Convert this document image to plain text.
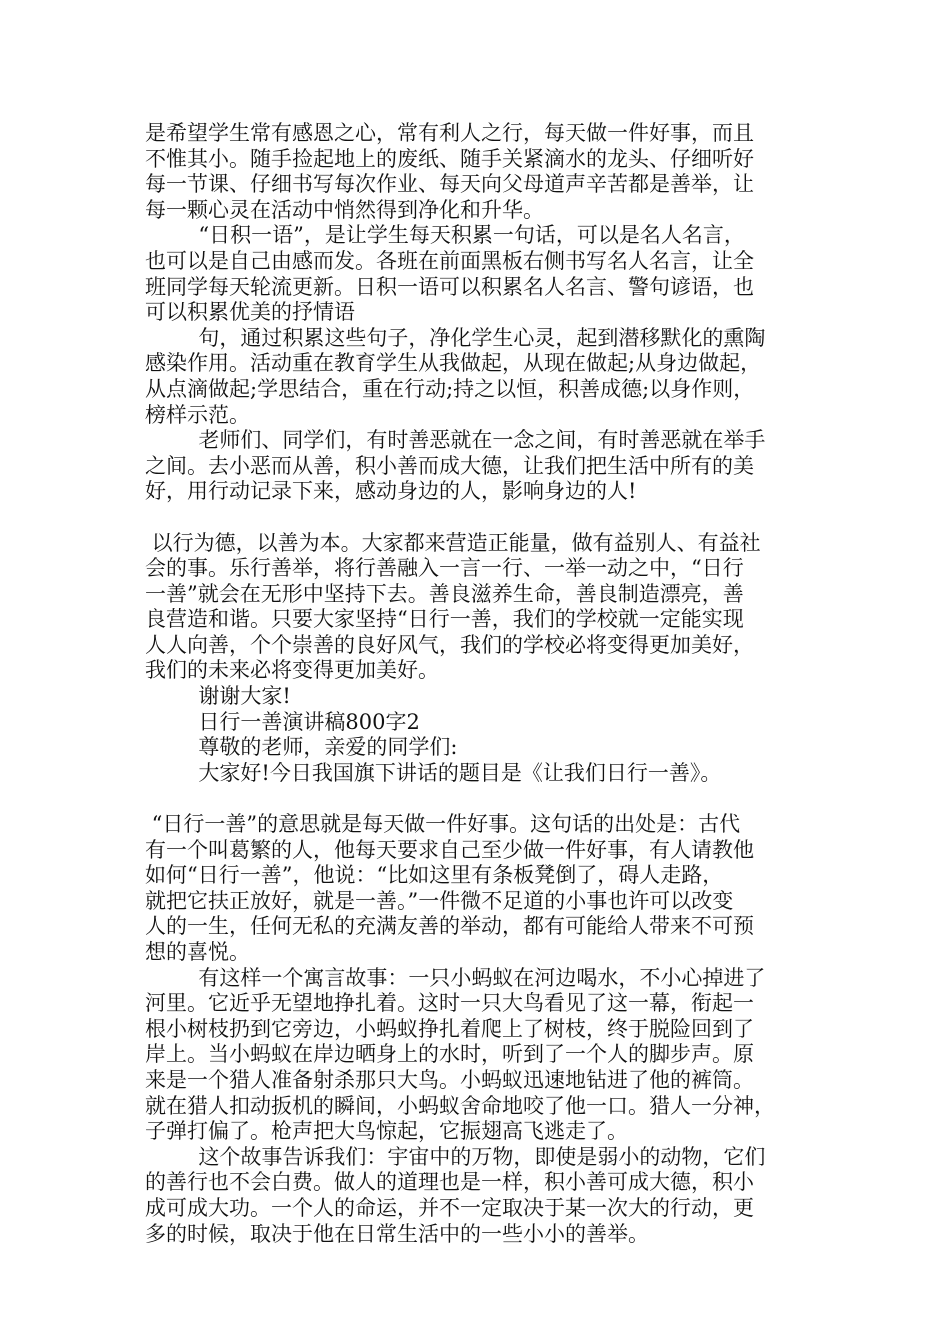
是希望学生常有感恩之心，常有利人之行，每天做一件好事，而且
不惟其小。随手捡起地上的废纸、随手关紧滴水的龙头、仔细听好
每一节课、仔细书写每次作业、每天向父母道声辛苦都是善举，让
每一颗心灵在活动中悄然得到净化和升华。
“日积一语”，是让学生每天积累一句话，可以是名人名言，
也可以是自己由感而发。各班在前面黑板右侧书写名人名言，让全
班同学每天轮流更新。日积一语可以积累名人名言、警句谚语，也
可以积累优美的抒情语
句，通过积累这些句子，净化学生心灵，起到潜移默化的熏陶
感染作用。活动重在教育学生从我做起，从现在做起;从身边做起，
从点滴做起;学思结合，重在行动;持之以恒，积善成德;以身作则，
榜样示范。
老师们、同学们，有时善恶就在一念之间，有时善恶就在举手
之间。去小恶而从善，积小善而成大德，让我们把生活中所有的美
好，用行动记录下来，感动身边的人，影响身边的人!
以行为德，以善为本。大家都来营造正能量，做有益别人、有益社
会的事。乐行善举，将行善融入一言一行、一举一动之中，“日行
一善”就会在无形中坚持下去。善良滋养生命，善良制造漂亮，善
良营造和谐。只要大家坚持“日行一善，我们的学校就一定能实现
人人向善，个个崇善的良好风气，我们的学校必将变得更加美好，
我们的未来必将变得更加美好。
谢谢大家!
日行一善演讲稿800字2
尊敬的老师，亲爱的同学们:
大家好!今日我国旗下讲话的题目是《让我们日行一善》。
“日行一善”的意思就是每天做一件好事。这句话的出处是：古代
有一个叫葛繁的人，他每天要求自己至少做一件好事，有人请教他
如何“日行一善”，他说：“比如这里有条板凳倒了，碍人走路，
就把它扶正放好，就是一善。”一件微不足道的小事也许可以改变
人的一生，任何无私的充满友善的举动，都有可能给人带来不可预
想的喜悦。
有这样一个寓言故事：一只小蚂蚁在河边喝水，不小心掉进了
河里。它近乎无望地挣扎着。这时一只大鸟看见了这一幕，衔起一
根小树枝扔到它旁边，小蚂蚁挣扎着爬上了树枝，终于脱险回到了
岸上。当小蚂蚁在岸边晒身上的水时，听到了一个人的脚步声。原
来是一个猎人准备射杀那只大鸟。小蚂蚁迅速地钻进了他的裤筒。
就在猎人扣动扳机的瞬间，小蚂蚁舍命地咬了他一口。猎人一分神，
子弹打偏了。枪声把大鸟惊起，它振翅高飞逃走了。
这个故事告诉我们：宇宙中的万物，即使是弱小的动物，它们
的善行也不会白费。做人的道理也是一样，积小善可成大德，积小
成可成大功。一个人的命运，并不一定取决于某一次大的行动，更
多的时候，取决于他在日常生活中的一些小小的善举。
